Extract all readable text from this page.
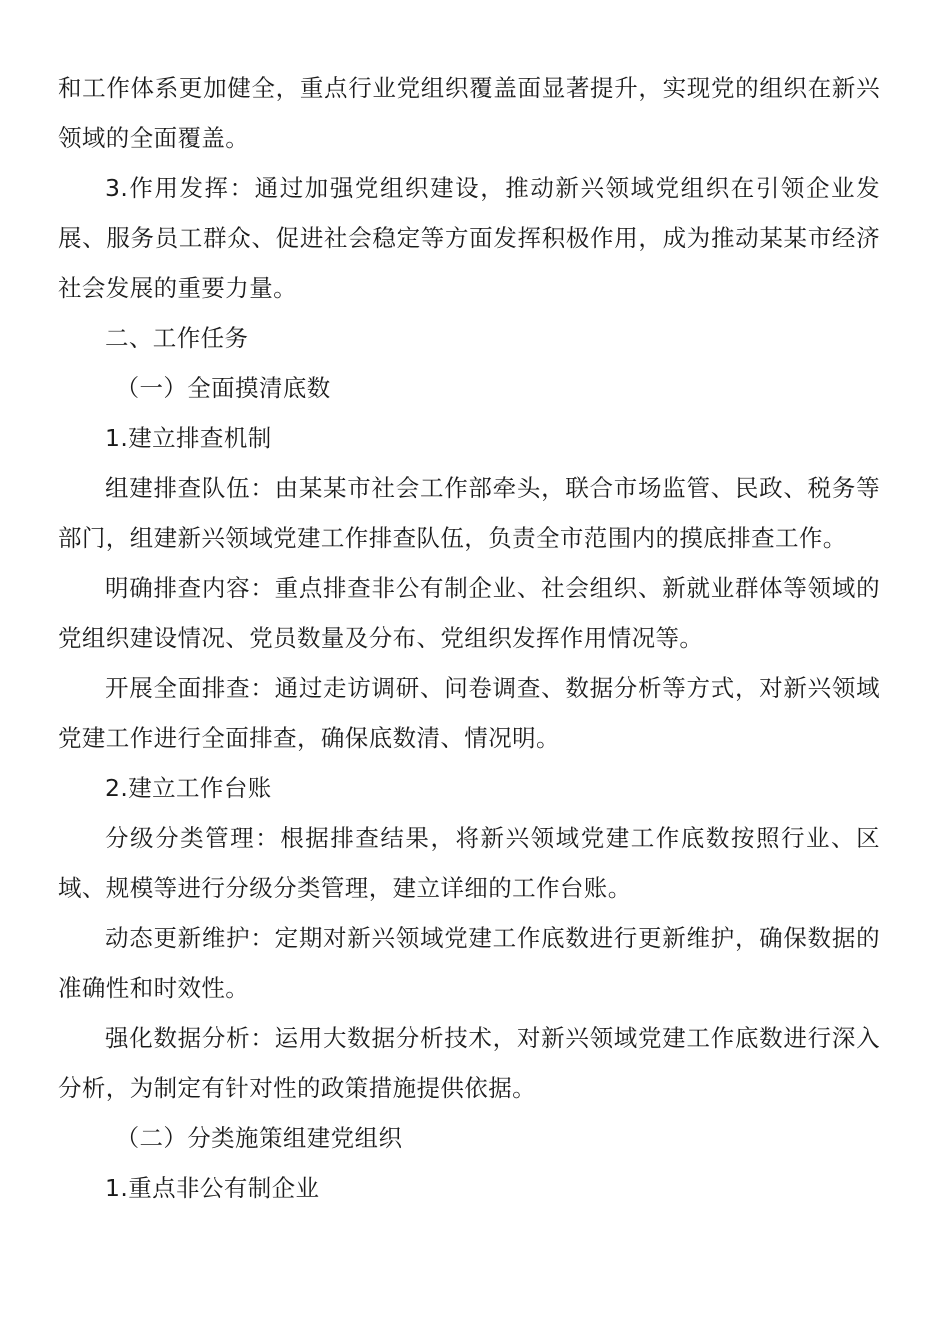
和工作体系更加健全，重点行业党组织覆盖面显著提升，实现党的组织在新兴领域的全面覆盖。

3.作用发挥：通过加强党组织建设，推动新兴领域党组织在引领企业发展、服务员工群众、促进社会稳定等方面发挥积极作用，成为推动某某市经济社会发展的重要力量。

二、工作任务

（一）全面摸清底数

1.建立排查机制

组建排查队伍：由某某市社会工作部牵头，联合市场监管、民政、税务等部门，组建新兴领域党建工作排查队伍，负责全市范围内的摸底排查工作。

明确排查内容：重点排查非公有制企业、社会组织、新就业群体等领域的党组织建设情况、党员数量及分布、党组织发挥作用情况等。

开展全面排查：通过走访调研、问卷调查、数据分析等方式，对新兴领域党建工作进行全面排查，确保底数清、情况明。

2.建立工作台账

分级分类管理：根据排查结果，将新兴领域党建工作底数按照行业、区域、规模等进行分级分类管理，建立详细的工作台账。

动态更新维护：定期对新兴领域党建工作底数进行更新维护，确保数据的准确性和时效性。

强化数据分析：运用大数据分析技术，对新兴领域党建工作底数进行深入分析，为制定有针对性的政策措施提供依据。

（二）分类施策组建党组织

1.重点非公有制企业
